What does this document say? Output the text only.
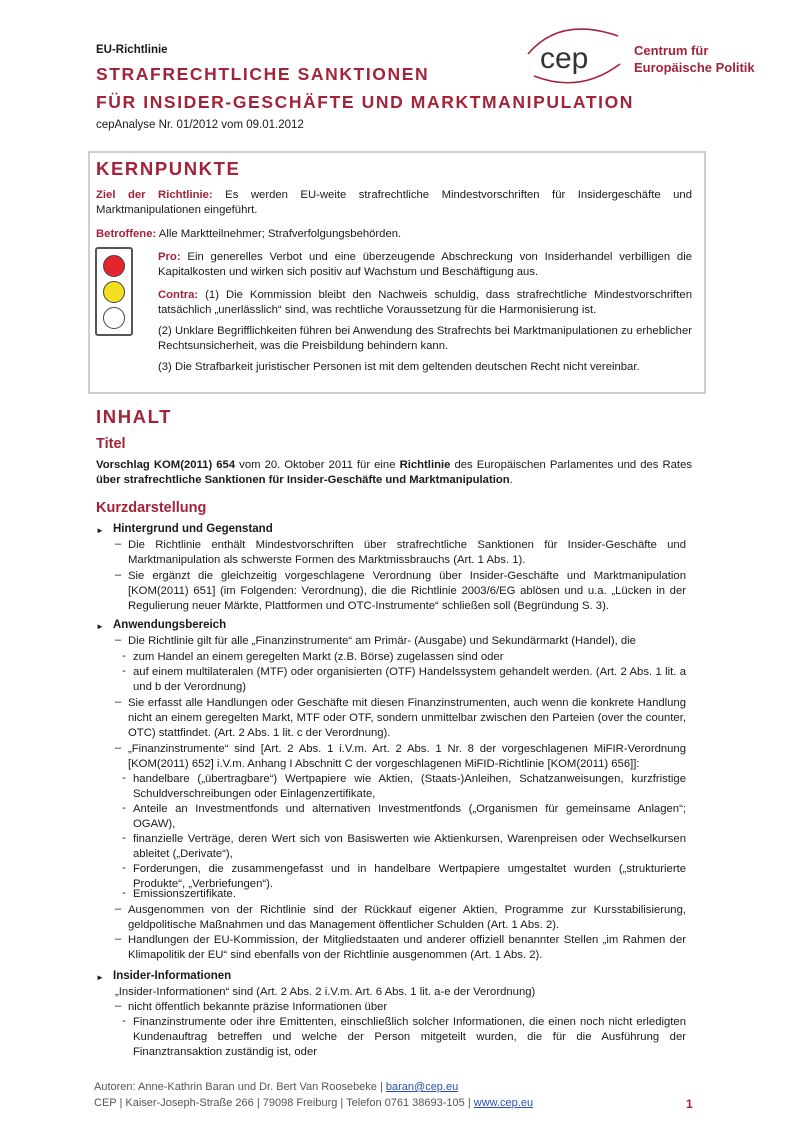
EU-Richtlinie
STRAFRECHTLICHE SANKTIONEN
FÜR INSIDER-GESCHÄFTE UND MARKTMANIPULATION
cepAnalyse Nr. 01/2012 vom 09.01.2012
cep	Centrum für
Europäische Politik
KERNPUNKTE
Ziel der Richtlinie: Es werden EU-weite strafrechtliche Mindestvorschriften für Insidergeschäfte und Marktmanipulationen eingeführt.
Betroffene: Alle Marktteilnehmer; Strafverfolgungsbehörden.
Pro: Ein generelles Verbot und eine überzeugende Abschreckung von Insiderhandel verbilligen die Kapitalkosten und wirken sich positiv auf Wachstum und Beschäftigung aus.
Contra: (1) Die Kommission bleibt den Nachweis schuldig, dass strafrechtliche Mindestvorschriften tatsächlich „unerlässlich“ sind, was rechtliche Voraussetzung für die Harmonisierung ist.
(2) Unklare Begrifflichkeiten führen bei Anwendung des Strafrechts bei Marktmanipulationen zu erheblicher Rechtsunsicherheit, was die Preisbildung behindern kann.
(3) Die Strafbarkeit juristischer Personen ist mit dem geltenden deutschen Recht nicht vereinbar.
INHALT
Titel
Vorschlag KOM(2011) 654 vom 20. Oktober 2011 für eine Richtlinie des Europäischen Parlamentes und des Rates über strafrechtliche Sanktionen für Insider-Geschäfte und Marktmanipulation.
Kurzdarstellung
► Hintergrund und Gegenstand
– Die Richtlinie enthält Mindestvorschriften über strafrechtliche Sanktionen für Insider-Geschäfte und Marktmanipulation als schwerste Formen des Marktmissbrauchs (Art. 1 Abs. 1).
– Sie ergänzt die gleichzeitig vorgeschlagene Verordnung über Insider-Geschäfte und Marktmanipulation [KOM(2011) 651] (im Folgenden: Verordnung), die die Richtlinie 2003/6/EG ablösen und u.a. „Lücken in der Regulierung neuer Märkte, Plattformen und OTC-Instrumente“ schließen soll (Begründung S. 3).
► Anwendungsbereich
– Die Richtlinie gilt für alle „Finanzinstrumente“ am Primär- (Ausgabe) und Sekundärmarkt (Handel), die
- zum Handel an einem geregelten Markt (z.B. Börse) zugelassen sind oder
- auf einem multilateralen (MTF) oder organisierten (OTF) Handelssystem gehandelt werden. (Art. 2 Abs. 1 lit. a und b der Verordnung)
– Sie erfasst alle Handlungen oder Geschäfte mit diesen Finanzinstrumenten, auch wenn die konkrete Handlung nicht an einem geregelten Markt, MTF oder OTF, sondern unmittelbar zwischen den Parteien (over the counter, OTC) stattfindet. (Art. 2 Abs. 1 lit. c der Verordnung).
– „Finanzinstrumente“ sind [Art. 2 Abs. 1 i.V.m. Art. 2 Abs. 1 Nr. 8 der vorgeschlagenen MiFIR-Verordnung [KOM(2011) 652] i.V.m. Anhang I Abschnitt C der vorgeschlagenen MiFID-Richtlinie [KOM(2011) 656]]:
- handelbare („übertragbare“) Wertpapiere wie Aktien, (Staats-)Anleihen, Schatzanweisungen, kurzfristige Schuldverschreibungen oder Einlagenzertifikate,
- Anteile an Investmentfonds und alternativen Investmentfonds („Organismen für gemeinsame Anlagen“; OGAW),
- finanzielle Verträge, deren Wert sich von Basiswerten wie Aktienkursen, Warenpreisen oder Wechselkursen ableitet („Derivate“),
- Forderungen, die zusammengefasst und in handelbare Wertpapiere umgestaltet wurden („strukturierte Produkte“, „Verbriefungen“).
- Emissionszertifikate.
– Ausgenommen von der Richtlinie sind der Rückkauf eigener Aktien, Programme zur Kursstabilisierung, geldpolitische Maßnahmen und das Management öffentlicher Schulden (Art. 1 Abs. 2).
– Handlungen der EU-Kommission, der Mitgliedstaaten und anderer offiziell benannter Stellen „im Rahmen der Klimapolitik der EU“ sind ebenfalls von der Richtlinie ausgenommen (Art. 1 Abs. 2).
► Insider-Informationen
„Insider-Informationen“ sind (Art. 2 Abs. 2 i.V.m. Art. 6 Abs. 1 lit. a-e der Verordnung)
– nicht öffentlich bekannte präzise Informationen über
- Finanzinstrumente oder ihre Emittenten, einschließlich solcher Informationen, die einen noch nicht erledigten Kundenauftrag betreffen und welche der Person mitgeteilt wurden, die für die Ausführung der Finanztransaktion zuständig ist, oder
Autoren: Anne-Kathrin Baran und Dr. Bert Van Roosebeke | baran@cep.eu
CEP | Kaiser-Joseph-Straße 266 | 79098 Freiburg | Telefon 0761 38693-105 | www.cep.eu	1
